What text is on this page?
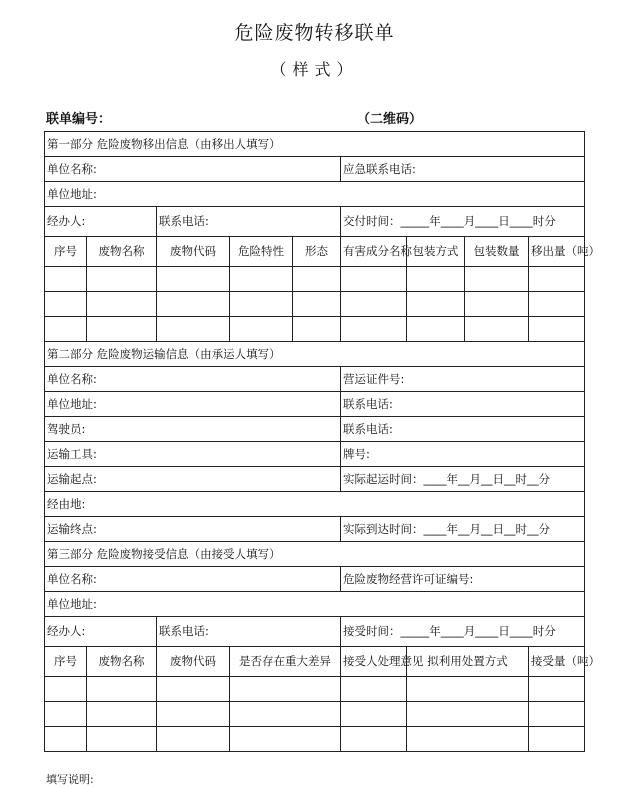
危险废物转移联单
（样式）
联单编号：	（二维码）
第一部分 危险废物移出信息（由移出人填写）								
单位名称:					应急联系电话:			
单位地址:								
经办人:		联系电话:			交付时间：_____年____月____日____时分			
序号	废物名称	废物代码	危险特性	形态	有害成分名称	包装方式	包装数量	移出量（吨）

第二部分 危险废物运输信息（由承运人填写）								
单位名称:					营运证件号:			
单位地址:					联系电话:			
驾驶员:					联系电话:			
运输工具:					牌号:			
运输起点:					实际起运时间：____年__月__日__时__分			
经由地:								
运输终点:					实际到达时间：____年__月__日__时__分			
第三部分 危险废物接受信息（由接受人填写）								
单位名称:					危险废物经营许可证编号:			
单位地址:								
经办人:		联系电话:			接受时间：_____年____月____日____时分			
序号	废物名称	废物代码	是否存在重大差异		接受人处理意见	拟利用处置方式		接受量（吨）

填写说明:
